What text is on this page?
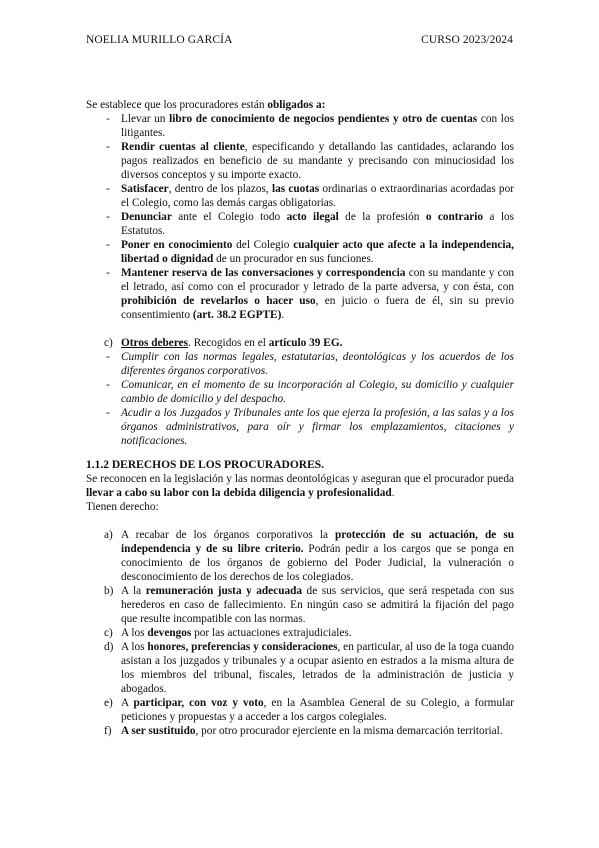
NOELIA MURILLO GARCÍA	CURSO 2023/2024

Se establece que los procuradores están obligados a:

- Llevar un libro de conocimiento de negocios pendientes y otro de cuentas con los litigantes.
- Rendir cuentas al cliente, especificando y detallando las cantidades, aclarando los pagos realizados en beneficio de su mandante y precisando con minuciosidad los diversos conceptos y su importe exacto.
- Satisfacer, dentro de los plazos, las cuotas ordinarias o extraordinarias acordadas por el Colegio, como las demás cargas obligatorias.
- Denunciar ante el Colegio todo acto ilegal de la profesión o contrario a los Estatutos.
- Poner en conocimiento del Colegio cualquier acto que afecte a la independencia, libertad o dignidad de un procurador en sus funciones.
- Mantener reserva de las conversaciones y correspondencia con su mandante y con el letrado, así como con el procurador y letrado de la parte adversa, y con ésta, con prohibición de revelarlos o hacer uso, en juicio o fuera de él, sin su previo consentimiento (art. 38.2 EGPTE).
c) Otros deberes. Recogidos en el artículo 39 EG.
- Cumplir con las normas legales, estatutarias, deontológicas y los acuerdos de los diferentes órganos corporativos.
- Comunicar, en el momento de su incorporación al Colegio, su domicilio y cualquier cambio de domicilio y del despacho.
- Acudir a los Juzgados y Tribunales ante los que ejerza la profesión, a las salas y a los órganos administrativos, para oír y firmar los emplazamientos, citaciones y notificaciones.
1.1.2 DERECHOS DE LOS PROCURADORES.

Se reconocen en la legislación y las normas deontológicas y aseguran que el procurador pueda llevar a cabo su labor con la debida diligencia y profesionalidad.

Tienen derecho:

a) A recabar de los órganos corporativos la protección de su actuación, de su independencia y de su libre criterio. Podrán pedir a los cargos que se ponga en conocimiento de los órganos de gobierno del Poder Judicial, la vulneración o desconocimiento de los derechos de los colegiados.
b) A la remuneración justa y adecuada de sus servicios, que será respetada con sus herederos en caso de fallecimiento. En ningún caso se admitirá la fijación del pago que resulte incompatible con las normas.
c) A los devengos por las actuaciones extrajudiciales.
d) A los honores, preferencias y consideraciones, en particular, al uso de la toga cuando asistan a los juzgados y tribunales y a ocupar asiento en estrados a la misma altura de los miembros del tribunal, fiscales, letrados de la administración de justicia y abogados.
e) A participar, con voz y voto, en la Asamblea General de su Colegio, a formular peticiones y propuestas y a acceder a los cargos colegiales.
f) A ser sustituido, por otro procurador ejerciente en la misma demarcación territorial.
